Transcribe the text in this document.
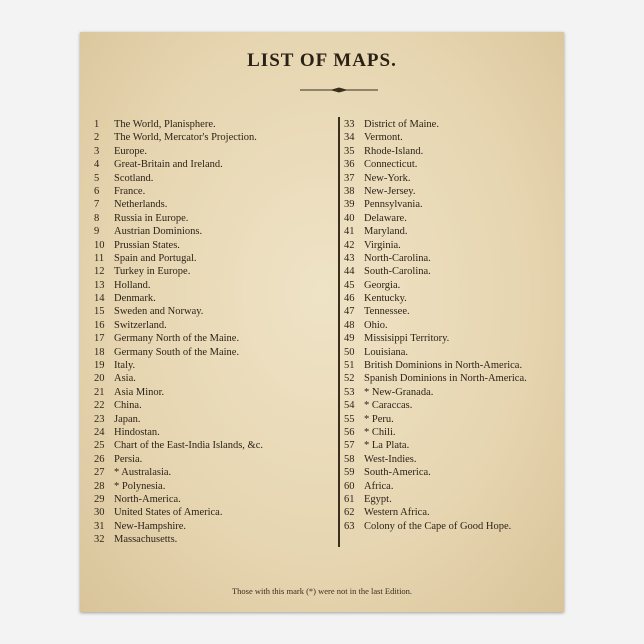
LIST OF MAPS.
1 The World, Planisphere.
2 The World, Mercator's Projection.
3 Europe.
4 Great-Britain and Ireland.
5 Scotland.
6 France.
7 Netherlands.
8 Russia in Europe.
9 Austrian Dominions.
10 Prussian States.
11 Spain and Portugal.
12 Turkey in Europe.
13 Holland.
14 Denmark.
15 Sweden and Norway.
16 Switzerland.
17 Germany North of the Maine.
18 Germany South of the Maine.
19 Italy.
20 Asia.
21 Asia Minor.
22 China.
23 Japan.
24 Hindostan.
25 Chart of the East-India Islands, &c.
26 Persia.
27 * Australasia.
28 * Polynesia.
29 North-America.
30 United States of America.
31 New-Hampshire.
32 Massachusetts.
33 District of Maine.
34 Vermont.
35 Rhode-Island.
36 Connecticut.
37 New-York.
38 New-Jersey.
39 Pennsylvania.
40 Delaware.
41 Maryland.
42 Virginia.
43 North-Carolina.
44 South-Carolina.
45 Georgia.
46 Kentucky.
47 Tennessee.
48 Ohio.
49 Missisippi Territory.
50 Louisiana.
51 British Dominions in North-America.
52 Spanish Dominions in North-America.
53 * New-Granada.
54 * Caraccas.
55 * Peru.
56 * Chili.
57 * La Plata.
58 West-Indies.
59 South-America.
60 Africa.
61 Egypt.
62 Western Africa.
63 Colony of the Cape of Good Hope.
Those with this mark (*) were not in the last Edition.
